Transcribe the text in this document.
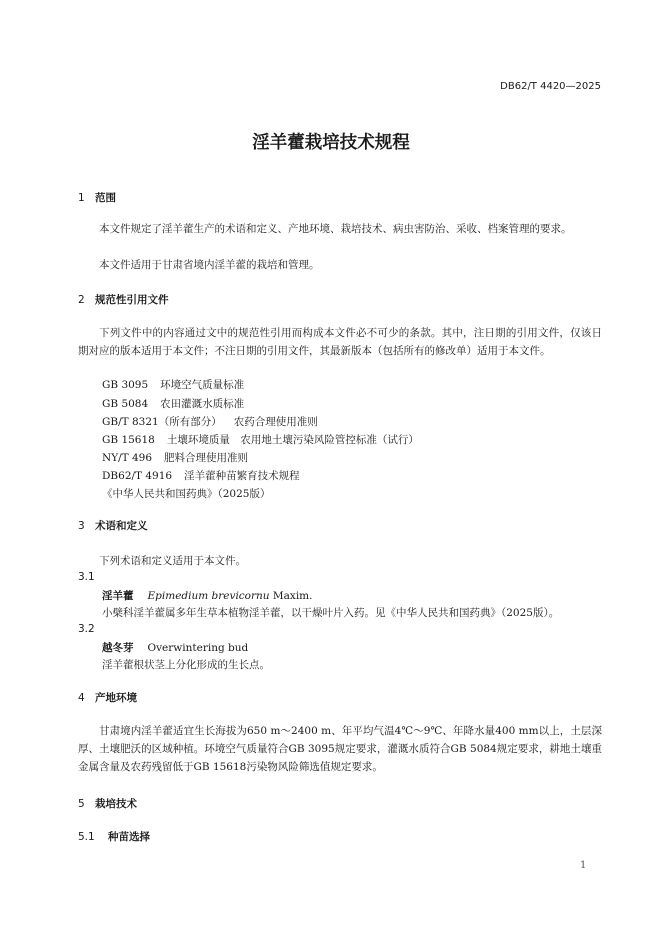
DB62/T 4420—2025
淫羊藿栽培技术规程
1 范围

本文件规定了淫羊藿生产的术语和定义、产地环境、栽培技术、病虫害防治、采收、档案管理的要求。

本文件适用于甘肃省境内淫羊藿的栽培和管理。

2 规范性引用文件

下列文件中的内容通过文中的规范性引用而构成本文件必不可少的条款。其中，注日期的引用文件，仅该日期对应的版本适用于本文件；不注日期的引用文件，其最新版本（包括所有的修改单）适用于本文件。

GB 3095 环境空气质量标准
GB 5084 农田灌溉水质标准
GB/T 8321（所有部分） 农药合理使用准则
GB 15618 土壤环境质量　农用地土壤污染风险管控标准（试行）
NY/T 496 肥料合理使用准则
DB62/T 4916 淫羊藿种苗繁育技术规程
《中华人民共和国药典》（2025版）
3 术语和定义

下列术语和定义适用于本文件。

3.1
淫羊藿 Epimedium brevicornu Maxim.
小檗科淫羊藿属多年生草本植物淫羊藿，以干燥叶片入药。见《中华人民共和国药典》（2025版）。
3.2
越冬芽 Overwintering bud
淫羊藿根状茎上分化形成的生长点。
4 产地环境

甘肃境内淫羊藿适宜生长海拔为650 m～2400 m、年平均气温4℃～9℃、年降水量400 mm以上，土层深厚、土壤肥沃的区域种植。环境空气质量符合GB 3095规定要求，灌溉水质符合GB 5084规定要求，耕地土壤重金属含量及农药残留低于GB 15618污染物风险筛选值规定要求。

5 栽培技术
5.1 种苗选择
1
